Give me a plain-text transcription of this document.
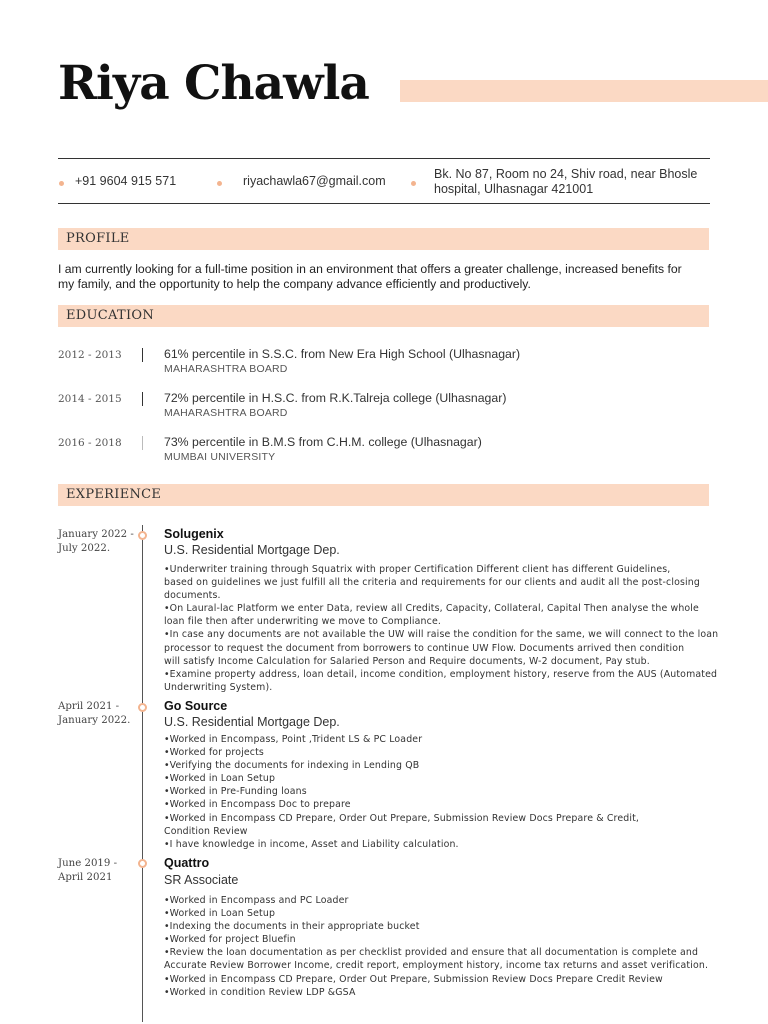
Riya Chawla
+91 9604 915 571	riyachawla67@gmail.com	Bk. No 87, Room no 24, Shiv road, near Bhosle
hospital, Ulhasnagar 421001
PROFILE
I am currently looking for a full-time position in an environment that offers a greater challenge, increased benefits for
my family, and the opportunity to help the company advance efficiently and productively.
EDUCATION
2012 - 2013	61% percentile in S.S.C. from New Era High School (Ulhasnagar)
MAHARASHTRA BOARD
2014 - 2015	72% percentile in H.S.C. from R.K.Talreja college (Ulhasnagar)
MAHARASHTRA BOARD
2016 - 2018	73% percentile in B.M.S from C.H.M. college (Ulhasnagar)
MUMBAI UNIVERSITY
EXPERIENCE
January 2022 -
July 2022.
Solugenix
U.S. Residential Mortgage Dep.

•Underwriter training through Squatrix with proper Certification Different client has different Guidelines,

based on guidelines we just fulfill all the criteria and requirements for our clients and audit all the post-closing

documents.

•On Laural-lac Platform we enter Data, review all Credits, Capacity, Collateral, Capital Then analyse the whole

loan file then after underwriting we move to Compliance.

•In case any documents are not available the UW will raise the condition for the same, we will connect to the loan

processor to request the document from borrowers to continue UW Flow. Documents arrived then condition

will satisfy Income Calculation for Salaried Person and Require documents, W-2 document, Pay stub.

•Examine property address, loan detail, income condition, employment history, reserve from the AUS (Automated

Underwriting System).

April 2021 -
January 2022.
Go Source
U.S. Residential Mortgage Dep.

•Worked in Encompass, Point ,Trident LS & PC Loader

•Worked for projects

•Verifying the documents for indexing in Lending QB

•Worked in Loan Setup

•Worked in Pre-Funding loans

•Worked in Encompass Doc to prepare

•Worked in Encompass CD Prepare, Order Out Prepare, Submission Review Docs Prepare & Credit,

Condition Review

•I have knowledge in income, Asset and Liability calculation.

June 2019 -
April 2021
Quattro
SR Associate

•Worked in Encompass and PC Loader

•Worked in Loan Setup

•Indexing the documents in their appropriate bucket

•Worked for project Bluefin

•Review the loan documentation as per checklist provided and ensure that all documentation is complete and

Accurate Review Borrower Income, credit report, employment history, income tax returns and asset verification.

•Worked in Encompass CD Prepare, Order Out Prepare, Submission Review Docs Prepare Credit Review

•Worked in condition Review LDP &GSA
